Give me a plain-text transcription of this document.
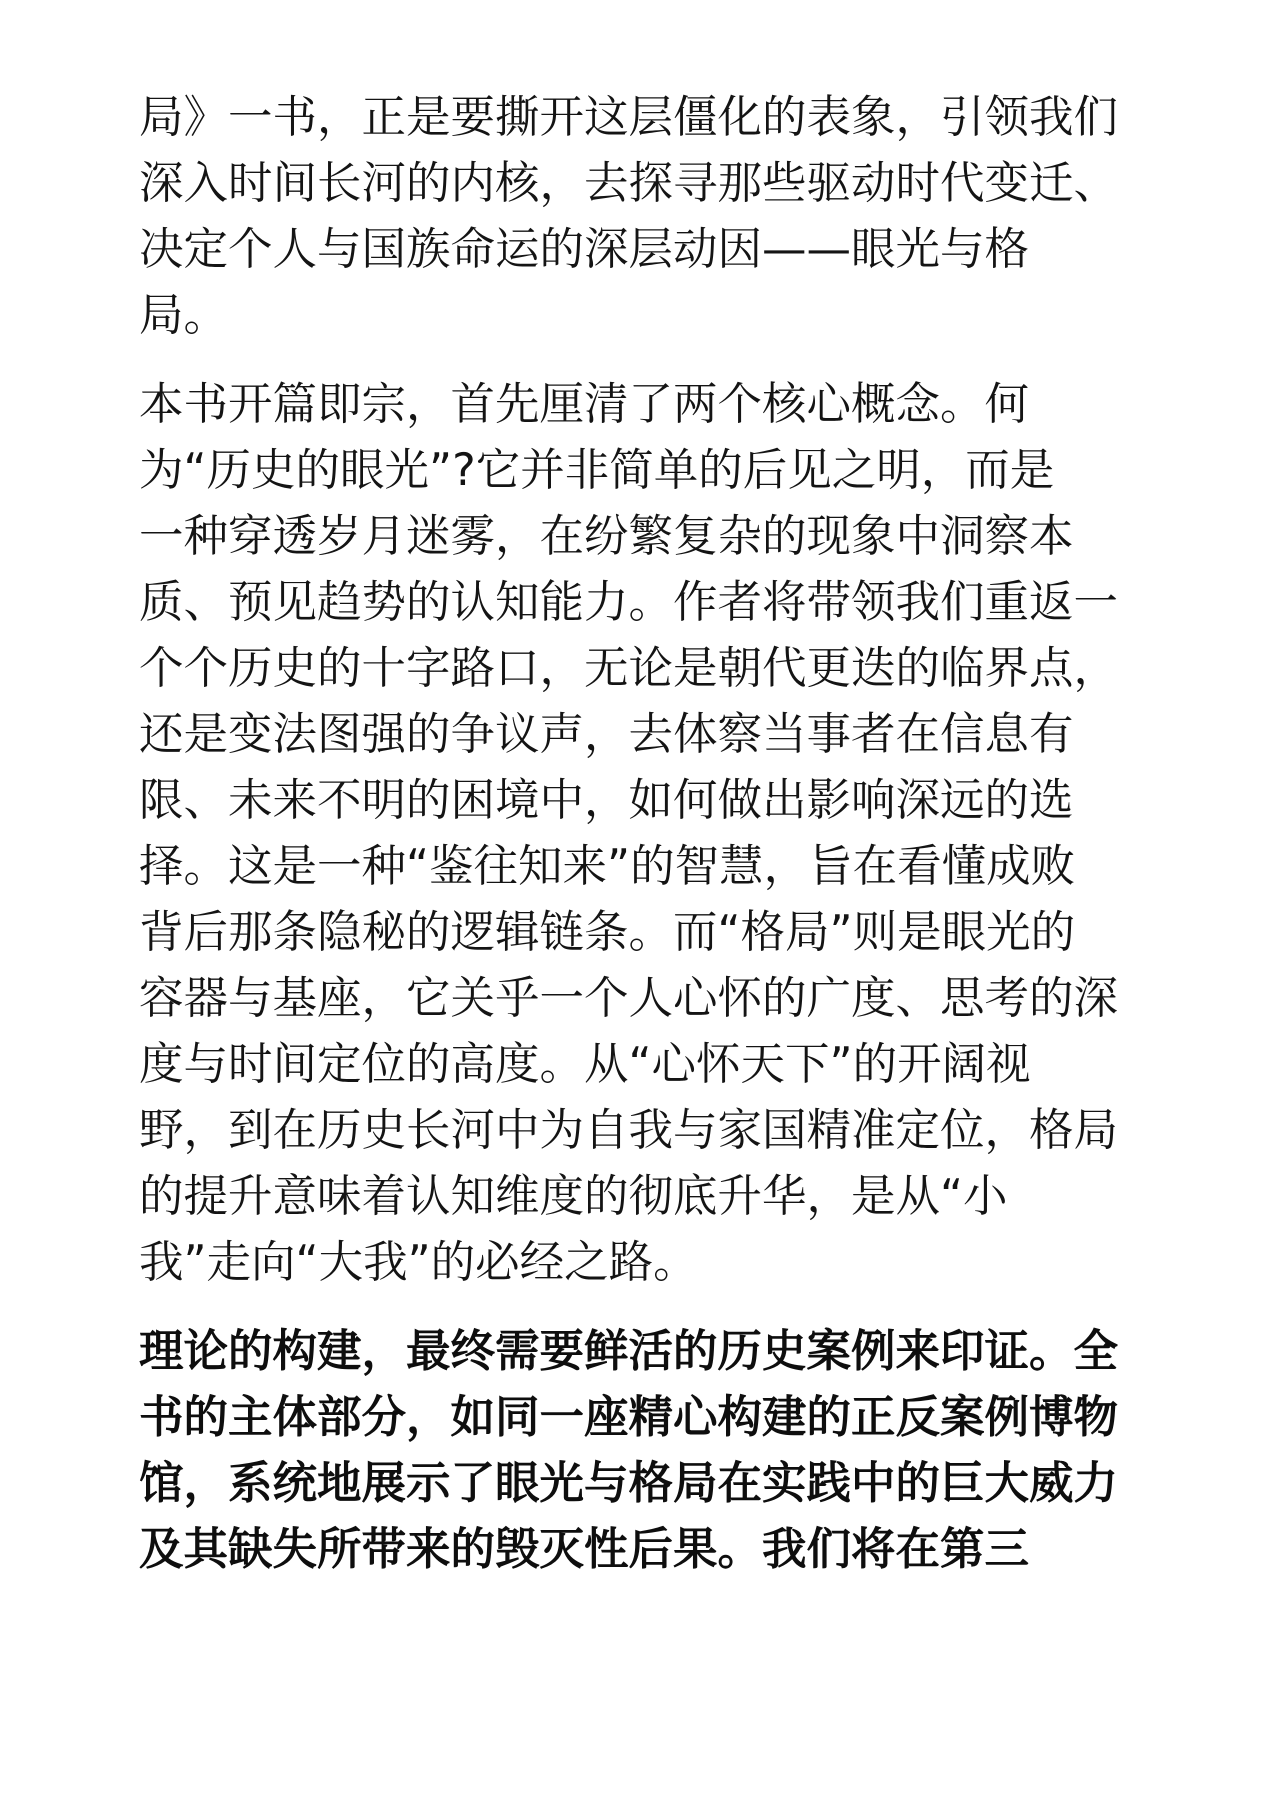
局》一书，正是要撕开这层僵化的表象，引领我们
深入时间长河的内核，去探寻那些驱动时代变迁、
决定个人与国族命运的深层动因——眼光与格
局。
本书开篇即宗，首先厘清了两个核心概念。何
为“历史的眼光”?它并非简单的后见之明，而是
一种穿透岁月迷雾，在纷繁复杂的现象中洞察本
质、预见趋势的认知能力。作者将带领我们重返一
个个历史的十字路口，无论是朝代更迭的临界点，
还是变法图强的争议声，去体察当事者在信息有
限、未来不明的困境中，如何做出影响深远的选
择。这是一种“鉴往知来”的智慧，旨在看懂成败
背后那条隐秘的逻辑链条。而“格局”则是眼光的
容器与基座，它关乎一个人心怀的广度、思考的深
度与时间定位的高度。从“心怀天下”的开阔视
野，到在历史长河中为自我与家国精准定位，格局
的提升意味着认知维度的彻底升华，是从“小
我”走向“大我”的必经之路。
理论的构建，最终需要鲜活的历史案例来印证。全
书的主体部分，如同一座精心构建的正反案例博物
馆，系统地展示了眼光与格局在实践中的巨大威力
及其缺失所带来的毁灭性后果。我们将在第三
